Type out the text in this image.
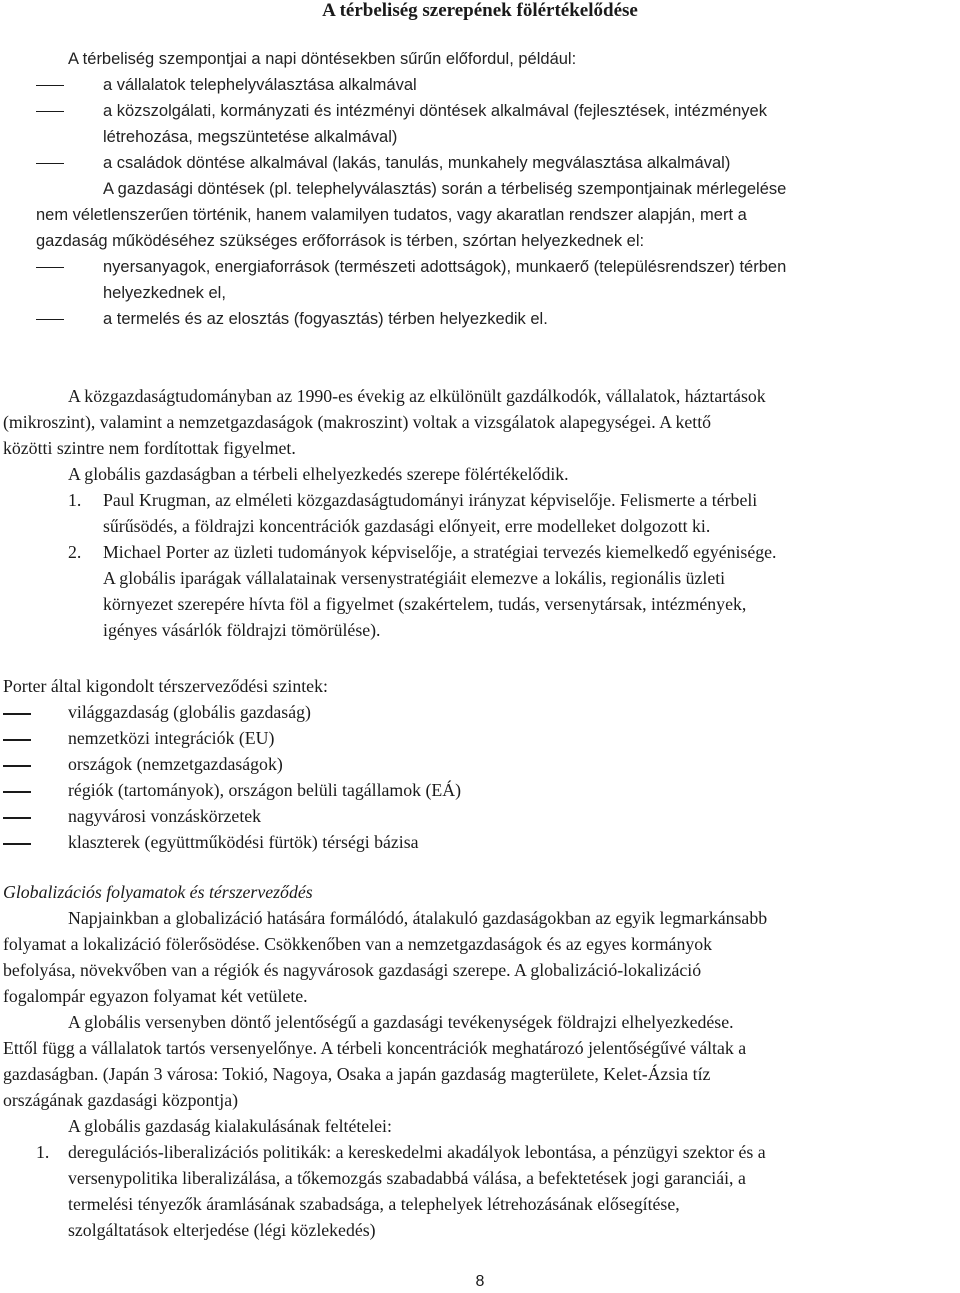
A térbeliség szerepének fölértékelődése
A térbeliség szempontjai a napi döntésekben sűrűn előfordul, például:
a vállalatok telephelyválasztása alkalmával
a közszolgálati, kormányzati és intézményi döntések alkalmával (fejlesztések, intézmények
létrehozása, megszüntetése alkalmával)
a családok döntése alkalmával (lakás, tanulás, munkahely megválasztása alkalmával)
A gazdasági döntések (pl. telephelyválasztás) során a térbeliség szempontjainak mérlegelése
nem véletlenszerűen történik, hanem valamilyen tudatos, vagy akaratlan rendszer alapján, mert a
gazdaság működéséhez szükséges erőforrások is térben, szórtan helyezkednek el:
nyersanyagok, energiaforrások (természeti adottságok), munkaerő (településrendszer) térben
helyezkednek el,
a termelés és az elosztás (fogyasztás) térben helyezkedik el.
A közgazdaságtudományban az 1990-es évekig az elkülönült gazdálkodók, vállalatok, háztartások
(mikroszint), valamint a nemzetgazdaságok (makroszint) voltak a vizsgálatok alapegységei. A kettő
közötti szintre nem fordítottak figyelmet.
A globális gazdaságban a térbeli elhelyezkedés szerepe fölértékelődik.
1. Paul Krugman, az elméleti közgazdaságtudományi irányzat képviselője. Felismerte a térbeli
sűrűsödés, a földrajzi koncentrációk gazdasági előnyeit, erre modelleket dolgozott ki.
2. Michael Porter az üzleti tudományok képviselője, a stratégiai tervezés kiemelkedő egyénisége.
A globális iparágak vállalatainak versenystratégiáit elemezve a lokális, regionális üzleti
környezet szerepére hívta föl a figyelmet (szakértelem, tudás, versenytársak, intézmények,
igényes vásárlók földrajzi tömörülése).
Porter által kigondolt térszerveződési szintek:
világgazdaság (globális gazdaság)
nemzetközi integrációk (EU)
országok (nemzetgazdaságok)
régiók (tartományok), országon belüli tagállamok (EÁ)
nagyvárosi vonzáskörzetek
klaszterek (együttműködési fürtök) térségi bázisa
Globalizációs folyamatok és térszerveződés
Napjainkban a globalizáció hatására formálódó, átalakuló gazdaságokban az egyik legmarkánsabb
folyamat a lokalizáció fölerősödése. Csökkenőben van a nemzetgazdaságok és az egyes kormányok
befolyása, növekvőben van a régiók és nagyvárosok gazdasági szerepe. A globalizáció-lokalizáció
fogalompár egyazon folyamat két vetülete.
A globális versenyben döntő jelentőségű a gazdasági tevékenységek földrajzi elhelyezkedése.
Ettől függ a vállalatok tartós versenyelőnye. A térbeli koncentrációk meghatározó jelentőségűvé váltak a
gazdaságban. (Japán 3 városa: Tokió, Nagoya, Osaka a japán gazdaság magterülete, Kelet-Ázsia tíz
országának gazdasági központja)
A globális gazdaság kialakulásának feltételei:
1. deregulációs-liberalizációs politikák: a kereskedelmi akadályok lebontása, a pénzügyi szektor és a
versenypolitika liberalizálása, a tőkemozgás szabadabbá válása, a befektetések jogi garanciái, a
termelési tényezők áramlásának szabadsága, a telephelyek létrehozásának elősegítése,
szolgáltatások elterjedése (légi közlekedés)
8
